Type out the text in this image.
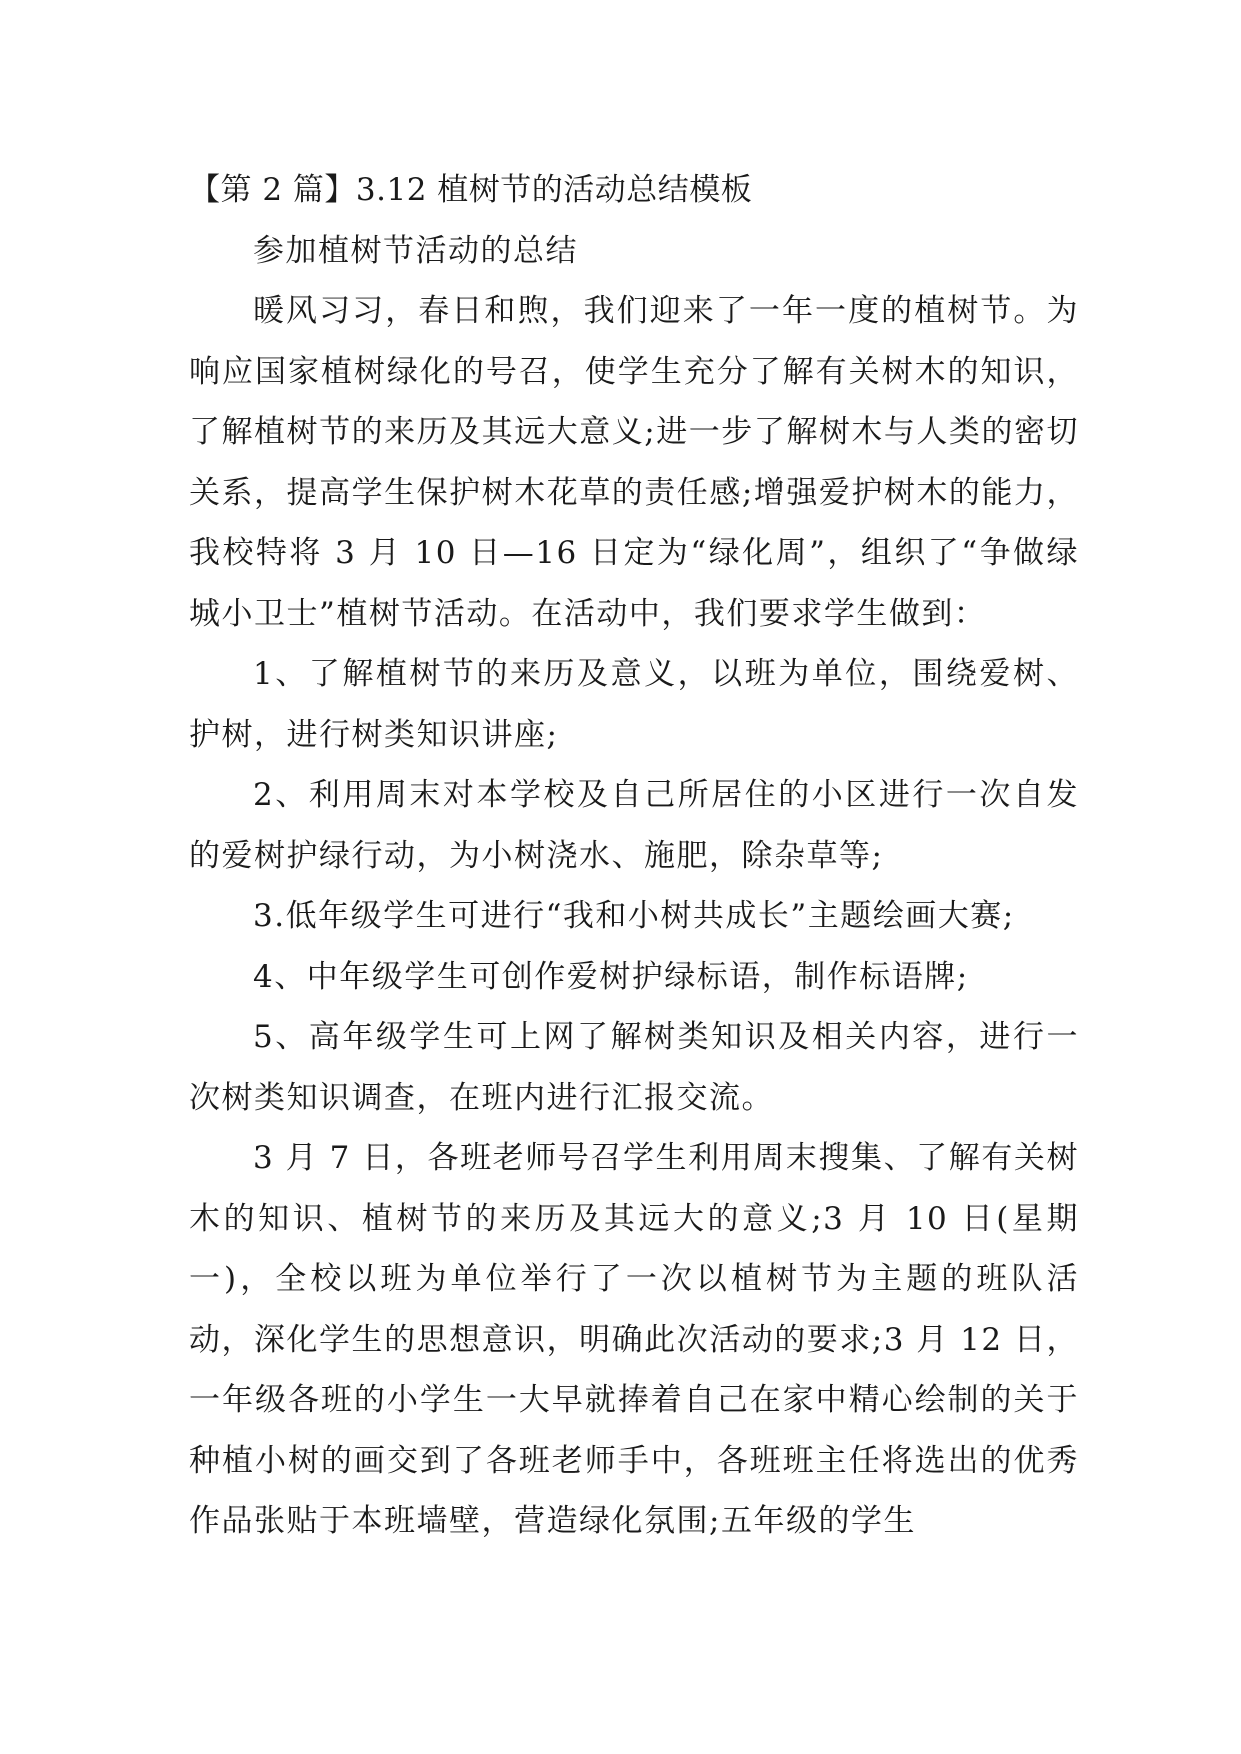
【第 2 篇】3.12 植树节的活动总结模板

参加植树节活动的总结

暖风习习，春日和煦，我们迎来了一年一度的植树节。为响应国家植树绿化的号召，使学生充分了解有关树木的知识，了解植树节的来历及其远大意义;进一步了解树木与人类的密切关系，提高学生保护树木花草的责任感;增强爱护树木的能力，我校特将 3 月 10 日—16 日定为“绿化周”，组织了“争做绿城小卫士”植树节活动。在活动中，我们要求学生做到：

1、了解植树节的来历及意义，以班为单位，围绕爱树、护树，进行树类知识讲座;

2、利用周末对本学校及自己所居住的小区进行一次自发的爱树护绿行动，为小树浇水、施肥，除杂草等;

3.低年级学生可进行“我和小树共成长”主题绘画大赛;

4、中年级学生可创作爱树护绿标语，制作标语牌;

5、高年级学生可上网了解树类知识及相关内容，进行一次树类知识调查，在班内进行汇报交流。

3 月 7 日，各班老师号召学生利用周末搜集、了解有关树木的知识、植树节的来历及其远大的意义;3 月 10 日(星期一)，全校以班为单位举行了一次以植树节为主题的班队活动，深化学生的思想意识，明确此次活动的要求;3 月 12 日，一年级各班的小学生一大早就捧着自己在家中精心绘制的关于种植小树的画交到了各班老师手中，各班班主任将选出的优秀作品张贴于本班墙壁，营造绿化氛围;五年级的学生
